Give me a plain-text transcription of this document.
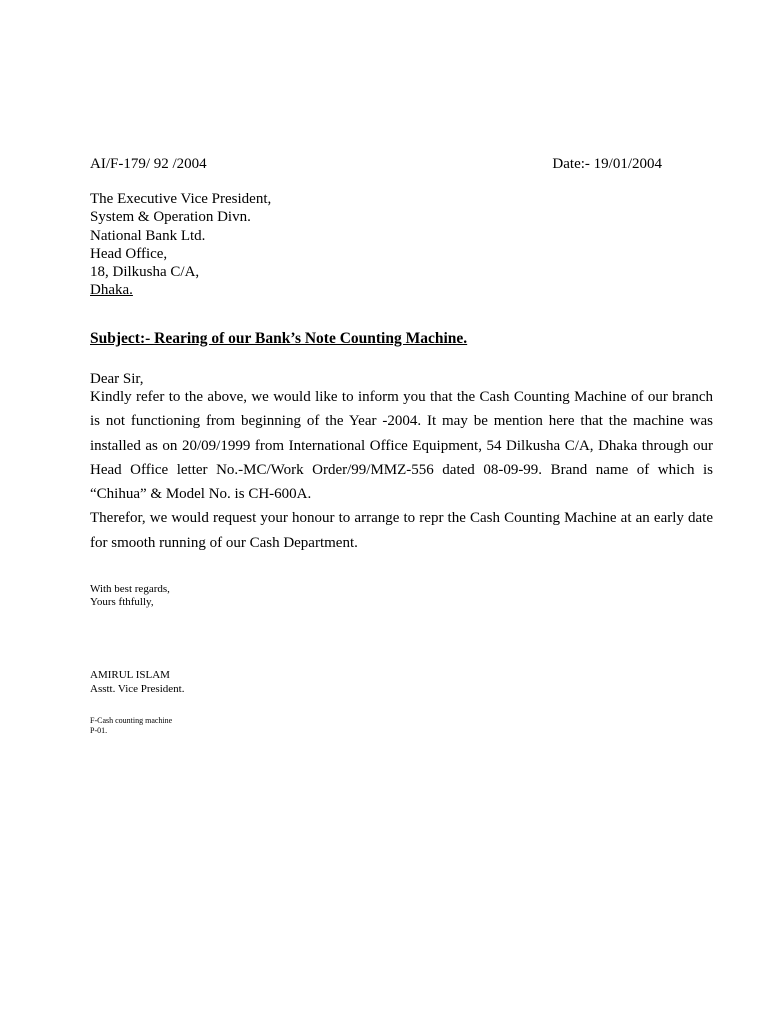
AI/F-179/ 92 /2004	Date:- 19/01/2004
The Executive Vice President,
System & Operation Divn.
National Bank Ltd.
Head Office,
18, Dilkusha C/A,
Dhaka.
Subject:- Rearing of our Bank’s Note Counting Machine.
Dear Sir,

Kindly refer to the above, we would like to inform you that the Cash Counting Machine of our branch is not functioning from beginning of the Year -2004. It may be mention here that the machine was installed as on 20/09/1999 from International Office Equipment, 54 Dilkusha C/A, Dhaka through our Head Office letter No.-MC/Work Order/99/MMZ-556 dated 08-09-99. Brand name of which is “Chihua” & Model No. is CH-600A.

Therefor, we would request your honour to arrange to repr the Cash Counting Machine at an early date for smooth running of our Cash Department.

With best regards,
Yours fthfully,
AMIRUL ISLAM
Asstt. Vice President.
F-Cash counting machine
P-01.
